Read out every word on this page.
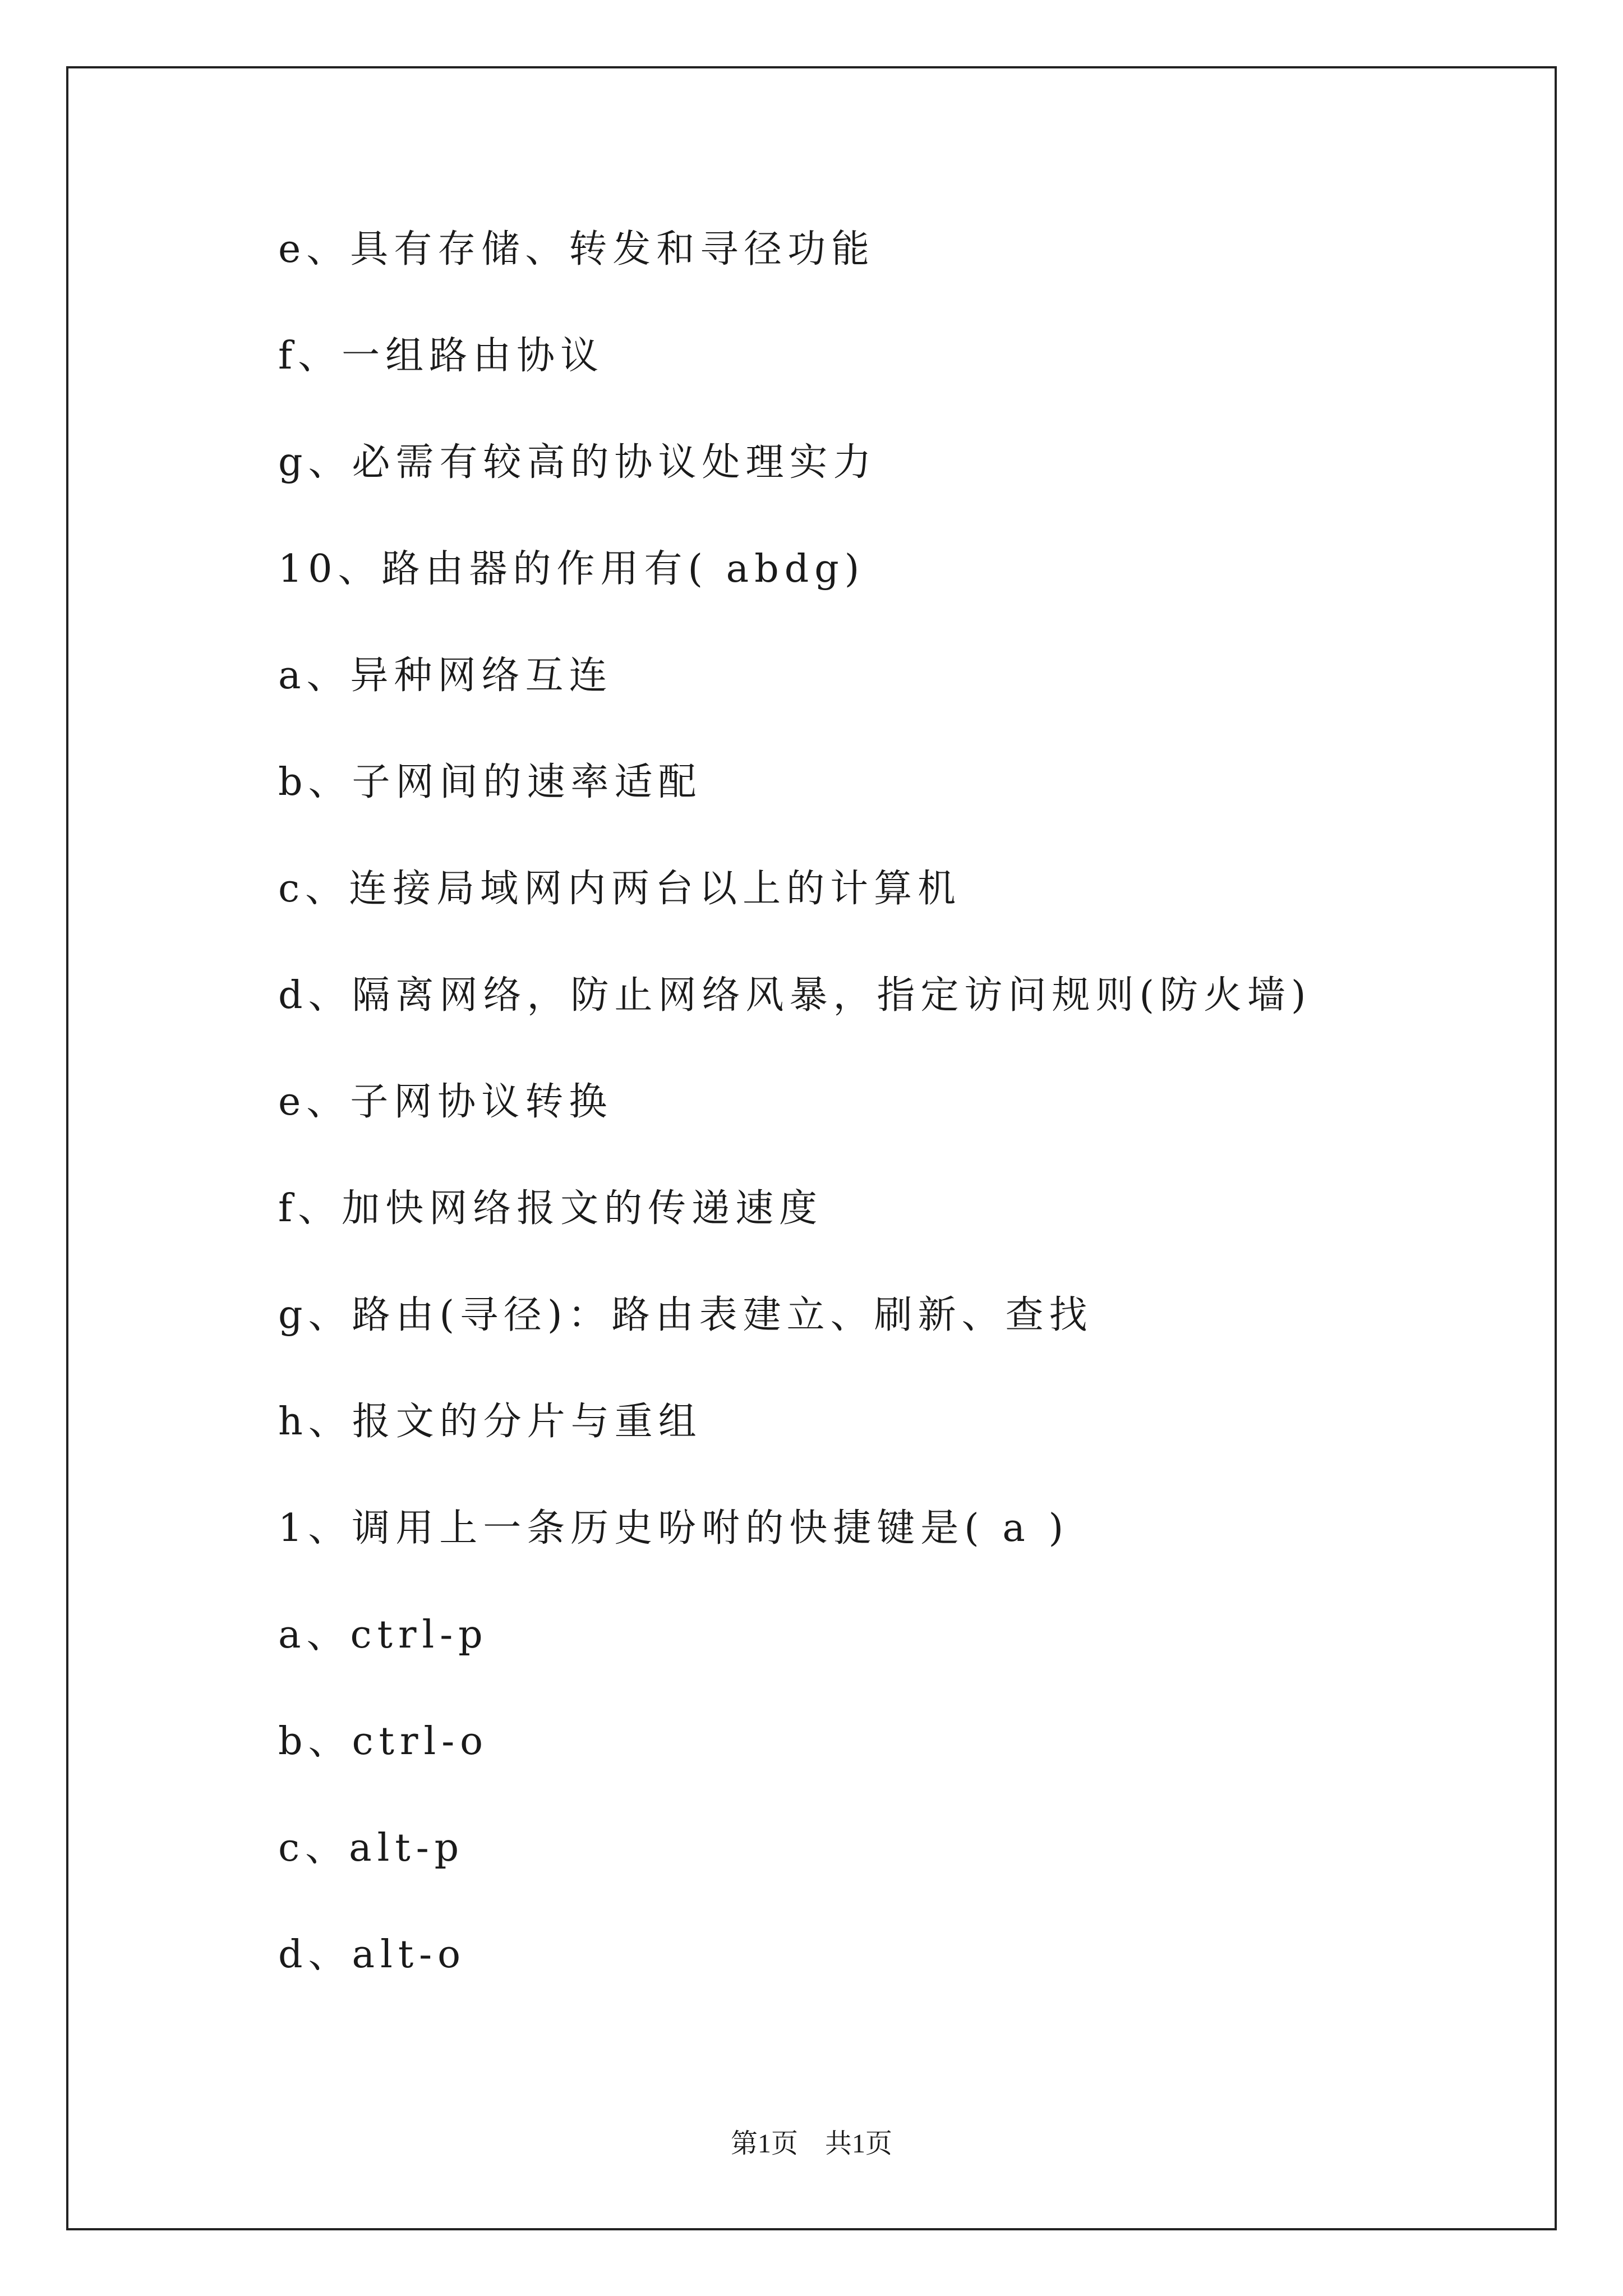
e、具有存储、转发和寻径功能
f、一组路由协议
g、必需有较高的协议处理实力
10、路由器的作用有( abdg)
a、异种网络互连
b、子网间的速率适配
c、连接局域网内两台以上的计算机
d、隔离网络，防止网络风暴，指定访问规则(防火墙)
e、子网协议转换
f、加快网络报文的传递速度
g、路由(寻径)：路由表建立、刷新、查找
h、报文的分片与重组
1、调用上一条历史吩咐的快捷键是( a )
a、ctrl-p
b、ctrl-o
c、alt-p
d、alt-o
第1页 共1页
